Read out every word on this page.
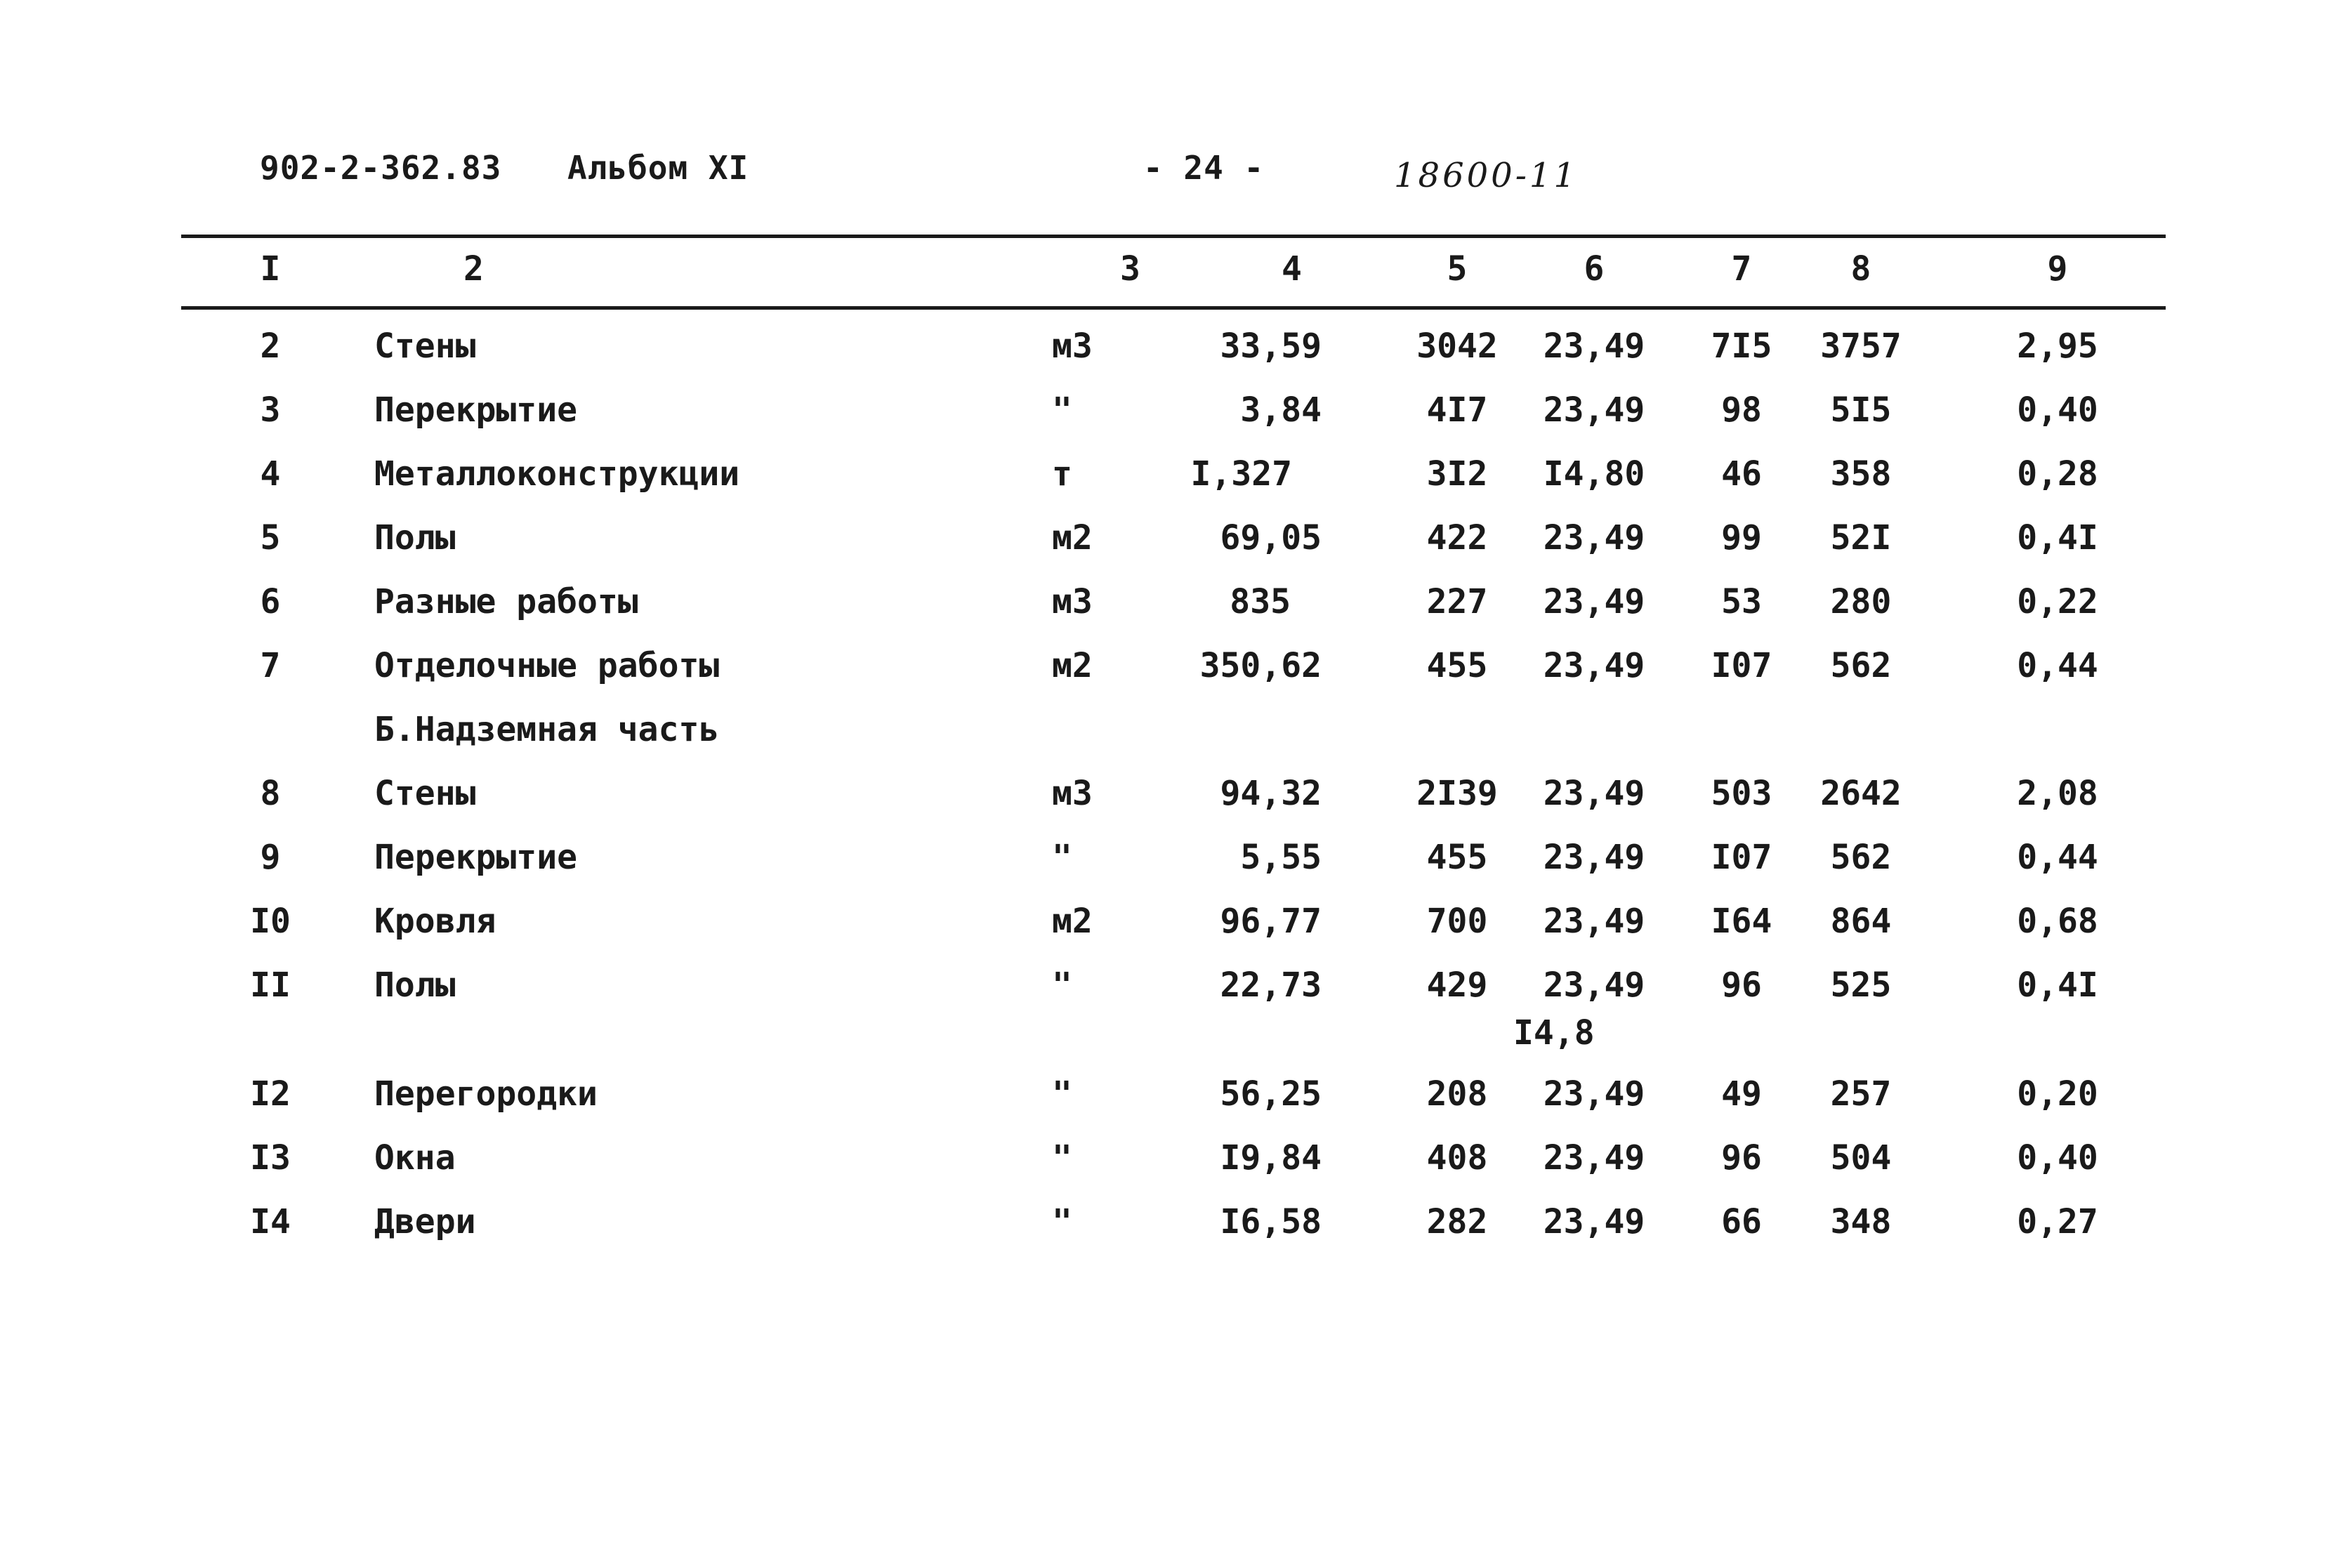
902-2-362.83 Альбом XI	- 24 -	18600-11
I	2	3	4	5	6	7	8	9
2	Стены	м3	33,59	3042	23,49	7I5	3757	2,95
3	Перекрытие	"	3,84	4I7	23,49	98	5I5	0,40
4	Металлоконструкции	т	I,327	3I2	I4,80	46	358	0,28
5	Полы	м2	69,05	422	23,49	99	52I	0,4I
6	Разные работы	м3	835	227	23,49	53	280	0,22
7	Отделочные работы	м2	350,62	455	23,49	I07	562	0,44
Б.Надземная часть
8	Стены	м3	94,32	2I39	23,49	503	2642	2,08
9	Перекрытие	"	5,55	455	23,49	I07	562	0,44
I0 Кровля	м2	96,77	700	23,49	I64	864	0,68
II Полы	"	22,73	429	23,49	96	525	0,4I
I4,8
I2 Перегородки	"	56,25	208	23,49	49	257	0,20
I3 Окна	"	I9,84	408	23,49	96	504	0,40
I4 Двери	"	I6,58	282	23,49	66	348	0,27
